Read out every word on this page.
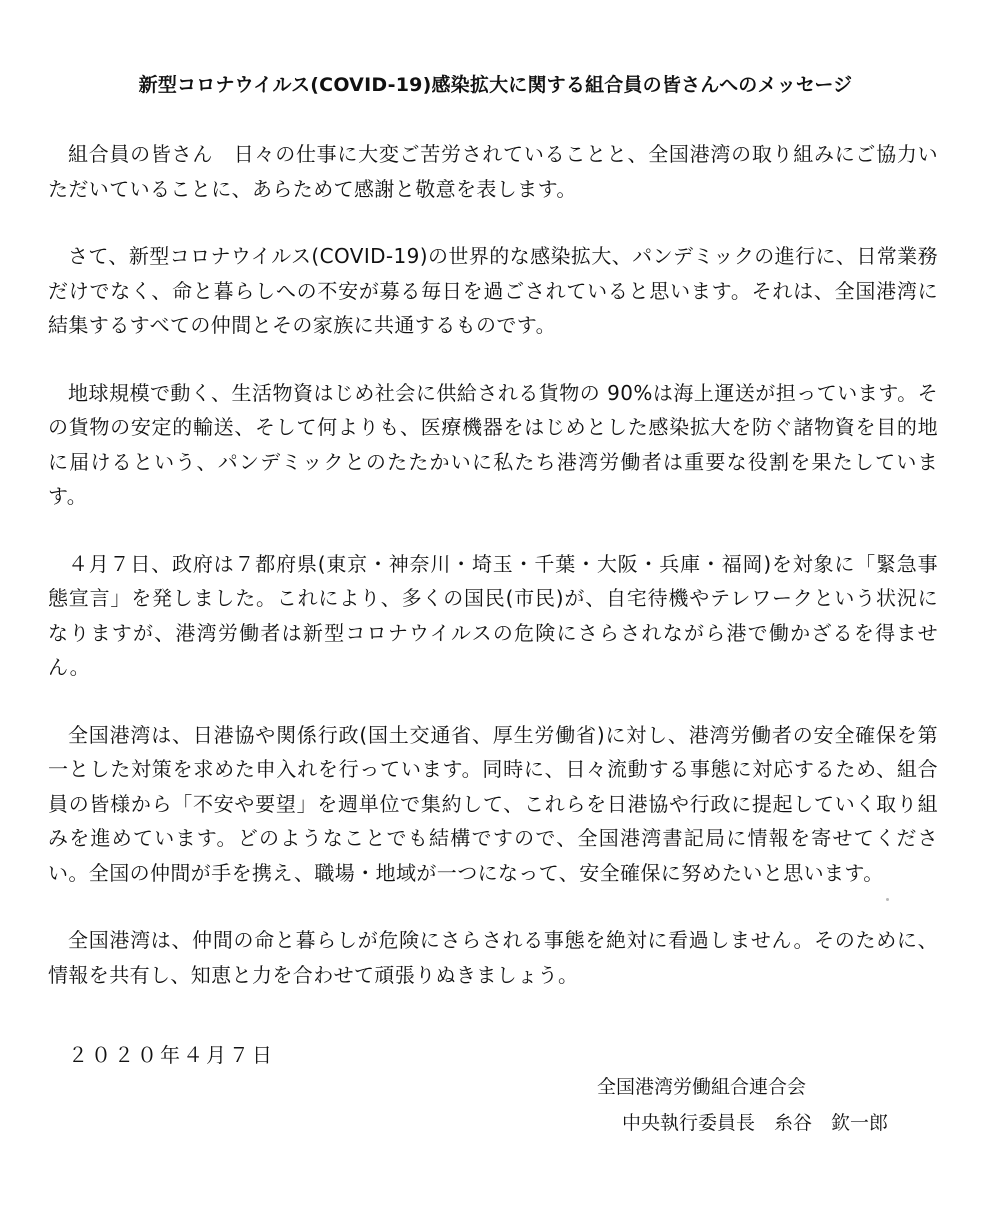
新型コロナウイルス(COVID-19)感染拡大に関する組合員の皆さんへのメッセージ

組合員の皆さん　日々の仕事に大変ご苦労されていることと、全国港湾の取り組みにご協力いただいていることに、あらためて感謝と敬意を表します。

さて、新型コロナウイルス(COVID-19)の世界的な感染拡大、パンデミックの進行に、日常業務だけでなく、命と暮らしへの不安が募る毎日を過ごされていると思います。それは、全国港湾に結集するすべての仲間とその家族に共通するものです。

地球規模で動く、生活物資はじめ社会に供給される貨物の 90%は海上運送が担っています。その貨物の安定的輸送、そして何よりも、医療機器をはじめとした感染拡大を防ぐ諸物資を目的地に届けるという、パンデミックとのたたかいに私たち港湾労働者は重要な役割を果たしています。

４月７日、政府は７都府県(東京・神奈川・埼玉・千葉・大阪・兵庫・福岡)を対象に「緊急事態宣言」を発しました。これにより、多くの国民(市民)が、自宅待機やテレワークという状況になりますが、港湾労働者は新型コロナウイルスの危険にさらされながら港で働かざるを得ません。

全国港湾は、日港協や関係行政(国土交通省、厚生労働省)に対し、港湾労働者の安全確保を第一とした対策を求めた申入れを行っています。同時に、日々流動する事態に対応するため、組合員の皆様から「不安や要望」を週単位で集約して、これらを日港協や行政に提起していく取り組みを進めています。どのようなことでも結構ですので、全国港湾書記局に情報を寄せてください。全国の仲間が手を携え、職場・地域が一つになって、安全確保に努めたいと思います。

全国港湾は、仲間の命と暮らしが危険にさらされる事態を絶対に看過しません。そのために、情報を共有し、知恵と力を合わせて頑張りぬきましょう。

２０２０年４月７日
全国港湾労働組合連合会
中央執行委員長　糸谷　欽一郎
